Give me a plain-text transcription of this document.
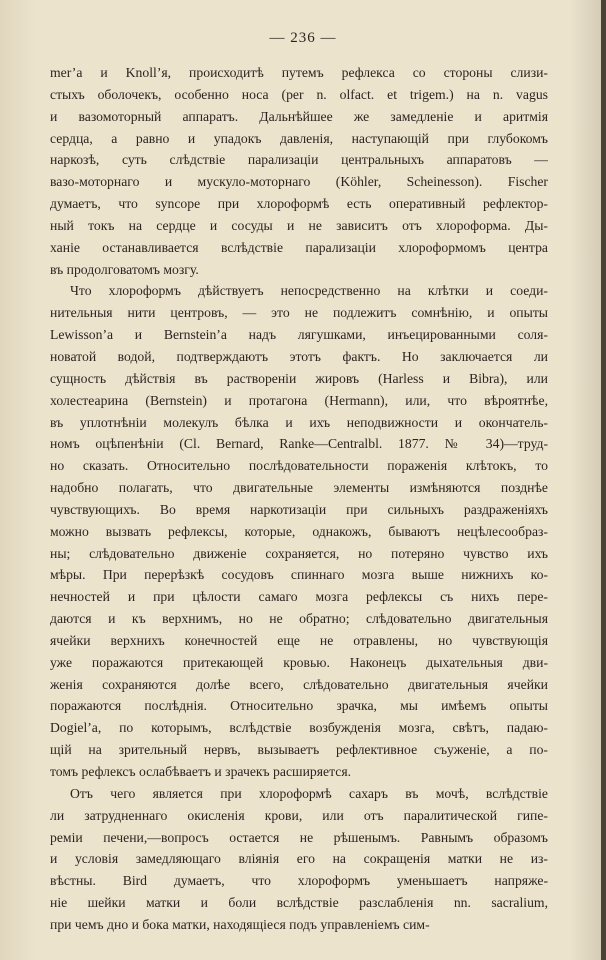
— 236 —

mer’a и Knoll’я, происходитѣ путемъ рефлекса со стороны слизи-
стыхъ оболочекъ, особенно носа (per n. olfact. et trigem.) на n. vagus
и вазомоторный аппаратъ. Дальнѣйшее же замедленіе и аритмія
сердца, а равно и упадокъ давленія, наступающій при глубокомъ
наркозѣ, суть слѣдствіе парализаціи центральныхъ аппаратовъ —
вазо-моторнаго и мускуло-моторнаго (Köhler, Scheinesson). Fischer
думаетъ, что syncope при хлороформѣ есть оперативный рефлектор-
ный токъ на сердце и сосуды и не зависитъ отъ хлороформа. Ды-
ханіе останавливается вслѣдствіе парализаціи хлороформомъ центра
въ продолговатомъ мозгу.

Что хлороформъ дѣйствуетъ непосредственно на клѣтки и соеди-
нительныя нити центровъ, — это не подлежитъ сомнѣнію, и опыты
Lewisson’a и Bernstein’a надъ лягушками, инъецированными соля-
новатой водой, подтверждаютъ этотъ фактъ. Но заключается ли
сущность дѣйствія въ раствореніи жировъ (Harless и Bibra), или
холестеарина (Bernstein) и протагона (Hermann), или, что вѣроятнѣе,
въ уплотнѣніи молекулъ бѣлка и ихъ неподвижности и окончатель-
номъ оцѣпенѣніи (Cl. Bernard, Ranke—Centralbl. 1877. № 34)—труд-
но сказать. Относительно послѣдовательности пораженія клѣтокъ, то
надобно полагать, что двигательные элементы измѣняются позднѣе
чувствующихъ. Во время наркотизаціи при сильныхъ раздраженіяхъ
можно вызвать рефлексы, которые, однакожъ, бываютъ нецѣлесообраз-
ны; слѣдовательно движеніе сохраняется, но потеряно чувство ихъ
мѣры. При перерѣзкѣ сосудовъ спиннаго мозга выше нижнихъ ко-
нечностей и при цѣлости самаго мозга рефлексы съ нихъ пере-
даются и къ верхнимъ, но не обратно; слѣдовательно двигательныя
ячейки верхнихъ конечностей еще не отравлены, но чувствующія
уже поражаются притекающей кровью. Наконецъ дыхательныя дви-
женія сохраняются долѣе всего, слѣдовательно двигательныя ячейки
поражаются послѣднія. Относительно зрачка, мы имѣемъ опыты
Dogiel’a, по которымъ, вслѣдствіе возбужденія мозга, свѣтъ, падаю-
щій на зрительный нервъ, вызываетъ рефлективное съуженіе, а по-
томъ рефлексъ ослабѣваетъ и зрачекъ расширяется.

Отъ чего является при хлороформѣ сахаръ въ мочѣ, вслѣдствіе
ли затрудненнаго окисленія крови, или отъ паралитической гипе-
реміи печени,—вопросъ остается не рѣшенымъ. Равнымъ образомъ
и условія замедляющаго вліянія его на сокращенія матки не из-
вѣстны. Bird думаетъ, что хлороформъ уменьшаетъ напряже-
ніе шейки матки и боли вслѣдствіе разслабленія nn. sacralium,
при чемъ дно и бока матки, находящіеся подъ управленіемъ сим-
